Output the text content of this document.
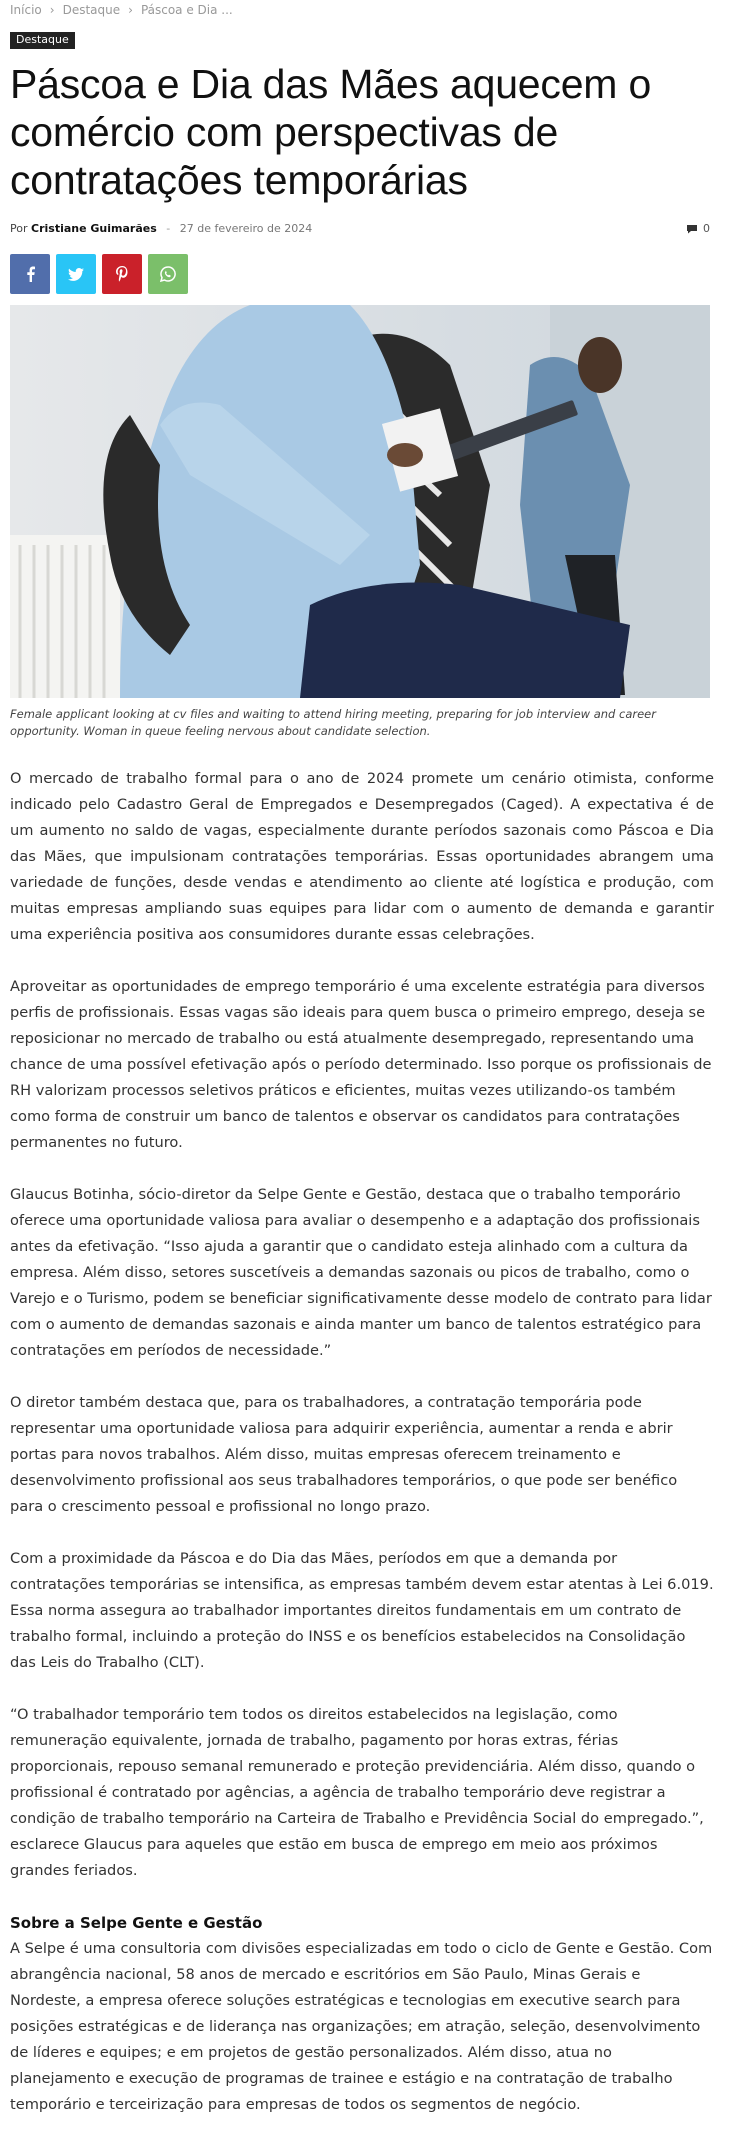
Início › Destaque › Páscoa e Dia ...
Destaque
Páscoa e Dia das Mães aquecem o comércio com perspectivas de contratações temporárias
Por Cristiane Guimarães - 27 de fevereiro de 2024	0
Female applicant looking at cv files and waiting to attend hiring meeting, preparing for job interview and career opportunity. Woman in queue feeling nervous about candidate selection.

O mercado de trabalho formal para o ano de 2024 promete um cenário otimista, conforme indicado pelo Cadastro Geral de Empregados e Desempregados (Caged). A expectativa é de um aumento no saldo de vagas, especialmente durante períodos sazonais como Páscoa e Dia das Mães, que impulsionam contratações temporárias. Essas oportunidades abrangem uma variedade de funções, desde vendas e atendimento ao cliente até logística e produção, com muitas empresas ampliando suas equipes para lidar com o aumento de demanda e garantir uma experiência positiva aos consumidores durante essas celebrações.

Aproveitar as oportunidades de emprego temporário é uma excelente estratégia para diversos perfis de profissionais. Essas vagas são ideais para quem busca o primeiro emprego, deseja se reposicionar no mercado de trabalho ou está atualmente desempregado, representando uma chance de uma possível efetivação após o período determinado. Isso porque os profissionais de RH valorizam processos seletivos práticos e eficientes, muitas vezes utilizando-os também como forma de construir um banco de talentos e observar os candidatos para contratações permanentes no futuro.

Glaucus Botinha, sócio-diretor da Selpe Gente e Gestão, destaca que o trabalho temporário oferece uma oportunidade valiosa para avaliar o desempenho e a adaptação dos profissionais antes da efetivação. “Isso ajuda a garantir que o candidato esteja alinhado com a cultura da empresa. Além disso, setores suscetíveis a demandas sazonais ou picos de trabalho, como o Varejo e o Turismo, podem se beneficiar significativamente desse modelo de contrato para lidar com o aumento de demandas sazonais e ainda manter um banco de talentos estratégico para contratações em períodos de necessidade.”

O diretor também destaca que, para os trabalhadores, a contratação temporária pode representar uma oportunidade valiosa para adquirir experiência, aumentar a renda e abrir portas para novos trabalhos. Além disso, muitas empresas oferecem treinamento e desenvolvimento profissional aos seus trabalhadores temporários, o que pode ser benéfico para o crescimento pessoal e profissional no longo prazo.

Com a proximidade da Páscoa e do Dia das Mães, períodos em que a demanda por contratações temporárias se intensifica, as empresas também devem estar atentas à Lei 6.019. Essa norma assegura ao trabalhador importantes direitos fundamentais em um contrato de trabalho formal, incluindo a proteção do INSS e os benefícios estabelecidos na Consolidação das Leis do Trabalho (CLT).

“O trabalhador temporário tem todos os direitos estabelecidos na legislação, como remuneração equivalente, jornada de trabalho, pagamento por horas extras, férias proporcionais, repouso semanal remunerado e proteção previdenciária. Além disso, quando o profissional é contratado por agências, a agência de trabalho temporário deve registrar a condição de trabalho temporário na Carteira de Trabalho e Previdência Social do empregado.”, esclarece Glaucus para aqueles que estão em busca de emprego em meio aos próximos grandes feriados.

Sobre a Selpe Gente e Gestão

A Selpe é uma consultoria com divisões especializadas em todo o ciclo de Gente e Gestão. Com abrangência nacional, 58 anos de mercado e escritórios em São Paulo, Minas Gerais e Nordeste, a empresa oferece soluções estratégicas e tecnologias em executive search para posições estratégicas e de liderança nas organizações; em atração, seleção, desenvolvimento de líderes e equipes; e em projetos de gestão personalizados. Além disso, atua no planejamento e execução de programas de trainee e estágio e na contratação de trabalho temporário e terceirização para empresas de todos os segmentos de negócio.
